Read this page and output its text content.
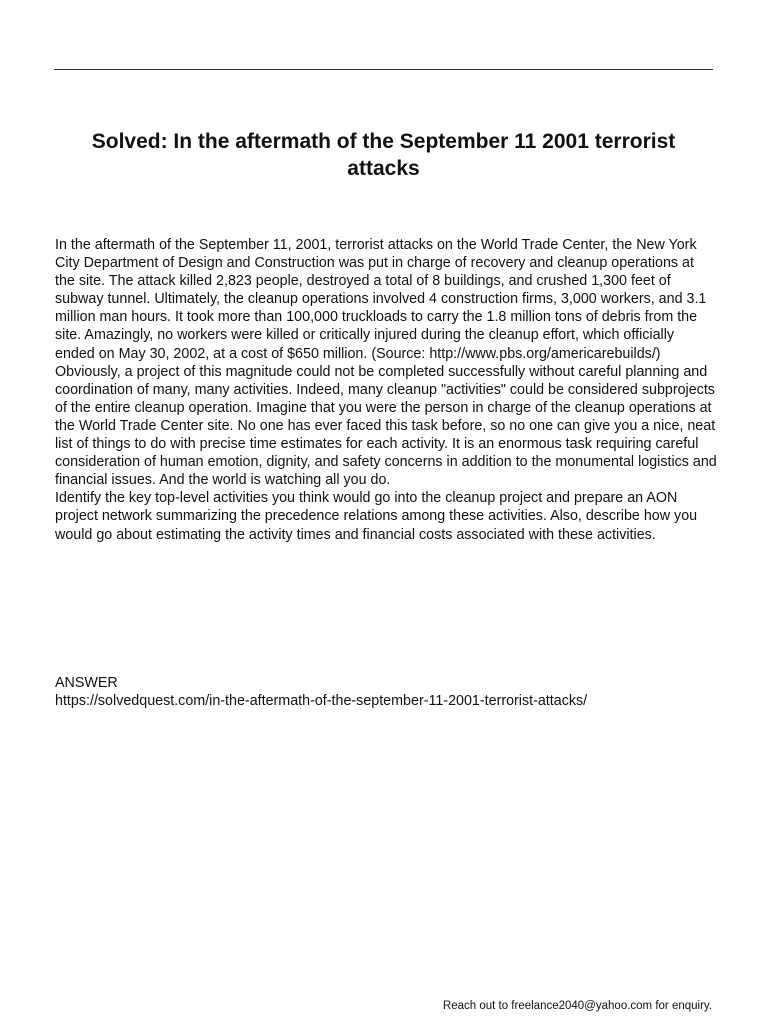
Solved: In the aftermath of the September 11 2001 terrorist attacks

In the aftermath of the September 11, 2001, terrorist attacks on the World Trade Center, the New York City Department of Design and Construction was put in charge of recovery and cleanup operations at the site. The attack killed 2,823 people, destroyed a total of 8 buildings, and crushed 1,300 feet of subway tunnel. Ultimately, the cleanup operations involved 4 construction firms, 3,000 workers, and 3.1 million man hours. It took more than 100,000 truckloads to carry the 1.8 million tons of debris from the site. Amazingly, no workers were killed or critically injured during the cleanup effort, which officially ended on May 30, 2002, at a cost of $650 million. (Source: http://www.pbs.org/americarebuilds/)

Obviously, a project of this magnitude could not be completed successfully without careful planning and coordination of many, many activities. Indeed, many cleanup "activities" could be considered subprojects of the entire cleanup operation. Imagine that you were the person in charge of the cleanup operations at the World Trade Center site. No one has ever faced this task before, so no one can give you a nice, neat list of things to do with precise time estimates for each activity. It is an enormous task requiring careful consideration of human emotion, dignity, and safety concerns in addition to the monumental logistics and financial issues. And the world is watching all you do.

Identify the key top-level activities you think would go into the cleanup project and prepare an AON project network summarizing the precedence relations among these activities. Also, describe how you would go about estimating the activity times and financial costs associated with these activities.

ANSWER
https://solvedquest.com/in-the-aftermath-of-the-september-11-2001-terrorist-attacks/
Reach out to freelance2040@yahoo.com for enquiry.
